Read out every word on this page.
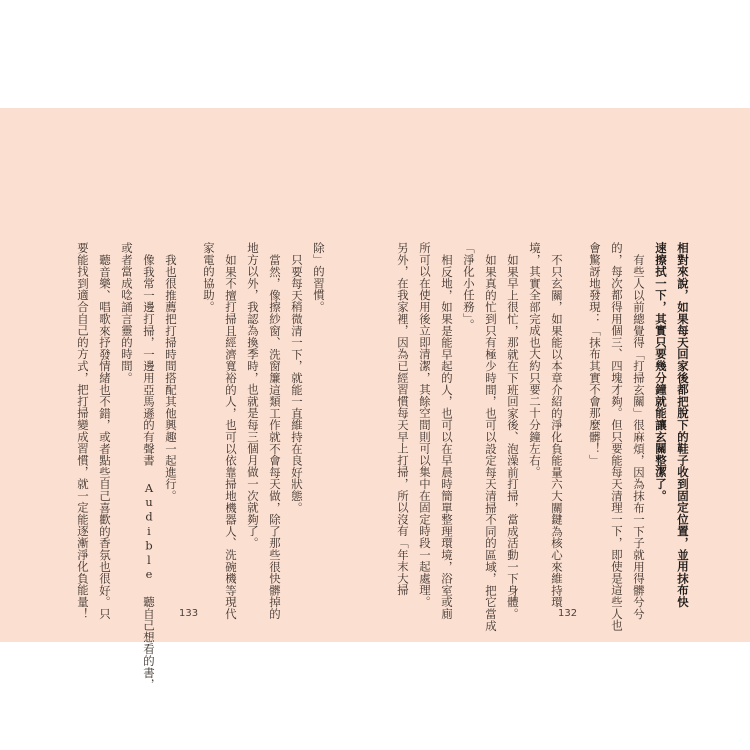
除」的習慣。
只要每天稍微清一下，就能一直維持在良好狀態。
當然，像擦紗窗、洗窗簾這類工作就不會每天做，除了那些很快髒掉的
地方以外，我認為換季時，也就是每三個月做一次就夠了。
如果不擅打掃且經濟寬裕的人，也可以依靠掃地機器人、洗碗機等現代
家電的協助。
我也很推薦把打掃時間搭配其他興趣一起進行。
像我常一邊打掃，一邊用亞馬遜的有聲書 Audible 聽自己想看的書，
或者當成唸誦言靈的時間。
聽音樂、唱歌來抒發情緒也不錯，或者點些自己喜歡的香氛也很好。只
要能找到適合自己的方式，把打掃變成習慣，就一定能逐漸淨化負能量！	133
相對來說，如果每天回家後都把脫下的鞋子收到固定位置，並用抹布快
速擦拭一下，其實只要幾分鐘就能讓玄關整潔了。
有些人以前總覺得「打掃玄關」很麻煩，因為抹布一下子就用得髒兮兮
的，每次都得用個三、四塊才夠。但只要能每天清理一下，即使是這些人也
會驚訝地發現：「抹布其實不會那麼髒！」
不只玄關，如果能以本章介紹的淨化負能量六大關鍵為核心來維持環
境，其實全部完成也大約只要二十分鐘左右。
如果早上很忙，那就在下班回家後、泡澡前打掃，當成活動一下身體。
如果真的忙到只有極少時間，也可以設定每天清掃不同的區域，把它當成
「淨化小任務」。
相反地，如果是能早起的人，也可以在早晨時簡單整理環境，浴室或廁
所可以在使用後立即清潔，其餘空間則可以集中在固定時段一起處理。
另外，在我家裡，因為已經習慣每天早上打掃，所以沒有「年末大掃
132
